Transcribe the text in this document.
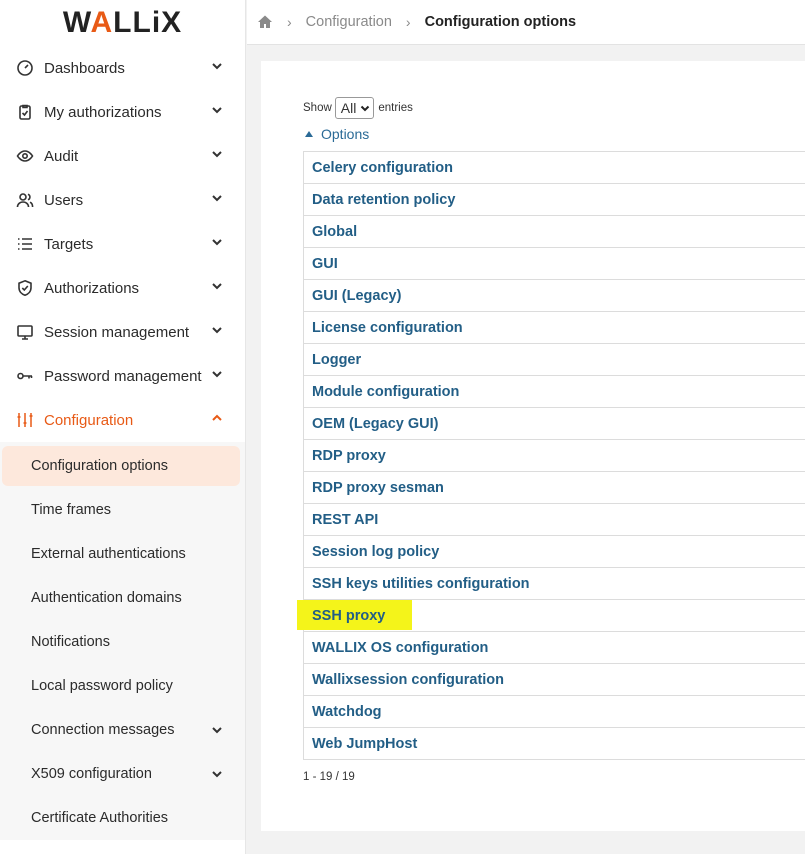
WALLiX
Dashboards
My authorizations
Audit
Users
Targets
Authorizations
Session management
Password management
Configuration
Configuration options
Time frames
External authentications
Authentication domains
Notifications
Local password policy
Connection messages
X509 configuration
Certificate Authorities
› Configuration › Configuration options
Show All entries
Options
Celery configuration
Data retention policy
Global
GUI
GUI (Legacy)
License configuration
Logger
Module configuration
OEM (Legacy GUI)
RDP proxy
RDP proxy sesman
REST API
Session log policy
SSH keys utilities configuration
SSH proxy
WALLIX OS configuration
Wallixsession configuration
Watchdog
Web JumpHost
1 - 19 / 19
